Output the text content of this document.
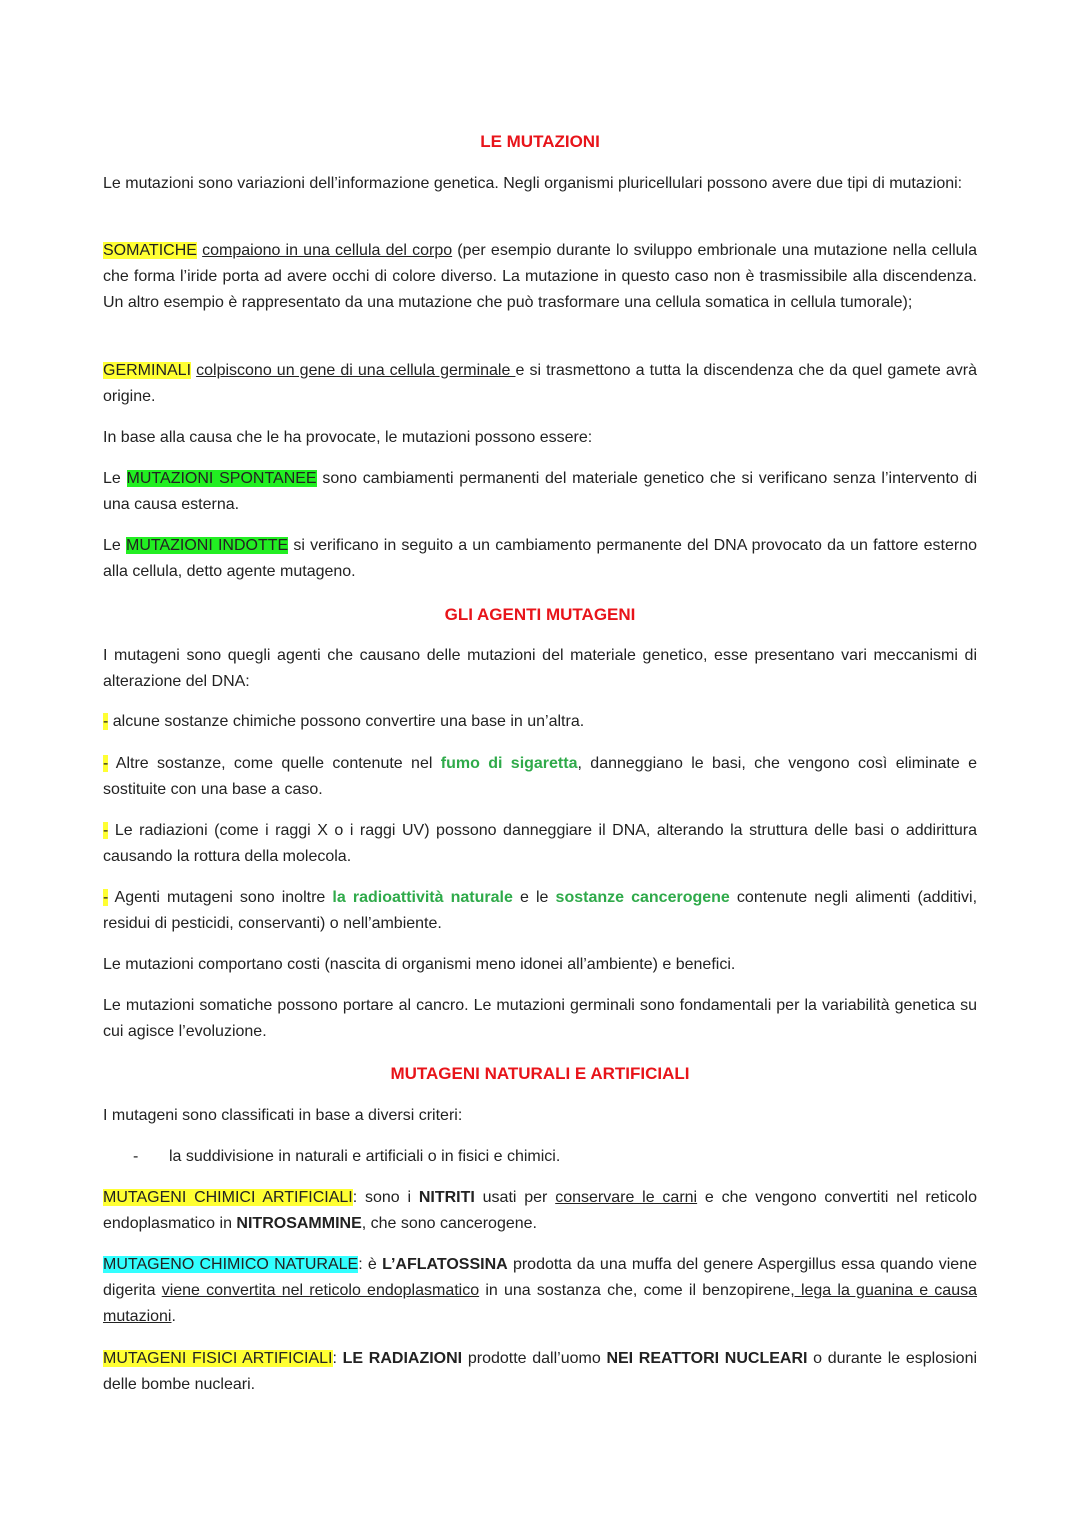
LE MUTAZIONI

Le mutazioni sono variazioni dell’informazione genetica. Negli organismi pluricellulari possono avere due tipi di mutazioni:

SOMATICHE compaiono in una cellula del corpo (per esempio durante lo sviluppo embrionale una mutazione nella cellula che forma l’iride porta ad avere occhi di colore diverso. La mutazione in questo caso non è trasmissibile alla discendenza. Un altro esempio è rappresentato da una mutazione che può trasformare una cellula somatica in cellula tumorale);

GERMINALI colpiscono un gene di una cellula germinale e si trasmettono a tutta la discendenza che da quel gamete avrà origine.

In base alla causa che le ha provocate, le mutazioni possono essere:

Le MUTAZIONI SPONTANEE sono cambiamenti permanenti del materiale genetico che si verificano senza l’intervento di una causa esterna.

Le MUTAZIONI INDOTTE si verificano in seguito a un cambiamento permanente del DNA provocato da un fattore esterno alla cellula, detto agente mutageno.

GLI AGENTI MUTAGENI

I mutageni sono quegli agenti che causano delle mutazioni del materiale genetico, esse presentano vari meccanismi di alterazione del DNA:

- alcune sostanze chimiche possono convertire una base in un’altra.

- Altre sostanze, come quelle contenute nel fumo di sigaretta, danneggiano le basi, che vengono così eliminate e sostituite con una base a caso.

- Le radiazioni (come i raggi X o i raggi UV) possono danneggiare il DNA, alterando la struttura delle basi o addirittura causando la rottura della molecola.

- Agenti mutageni sono inoltre la radioattività naturale e le sostanze cancerogene contenute negli alimenti (additivi, residui di pesticidi, conservanti) o nell’ambiente.

Le mutazioni comportano costi (nascita di organismi meno idonei all’ambiente) e benefici.

Le mutazioni somatiche possono portare al cancro. Le mutazioni germinali sono fondamentali per la variabilità genetica su cui agisce l’evoluzione.

MUTAGENI NATURALI E ARTIFICIALI

I mutageni sono classificati in base a diversi criteri:

-	la suddivisione in naturali e artificiali o in fisici e chimici.

MUTAGENI CHIMICI ARTIFICIALI: sono i NITRITI usati per conservare le carni e che vengono convertiti nel reticolo endoplasmatico in NITROSAMMINE, che sono cancerogene.

MUTAGENO CHIMICO NATURALE: è L’AFLATOSSINA prodotta da una muffa del genere Aspergillus essa quando viene digerita viene convertita nel reticolo endoplasmatico in una sostanza che, come il benzopirene, lega la guanina e causa mutazioni.

MUTAGENI FISICI ARTIFICIALI: LE RADIAZIONI prodotte dall’uomo NEI REATTORI NUCLEARI o durante le esplosioni delle bombe nucleari.
